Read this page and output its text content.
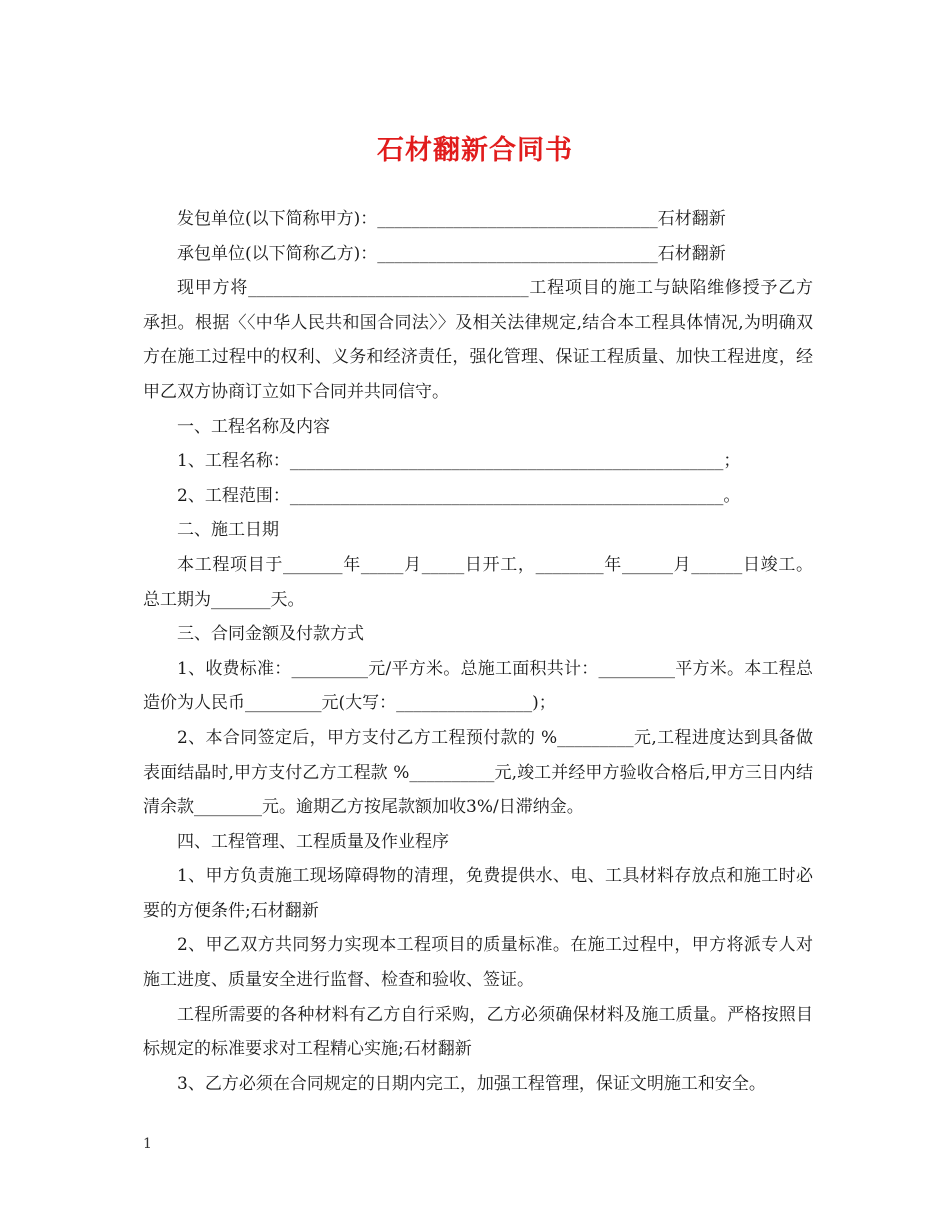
石材翻新合同书

发包单位(以下简称甲方)：_________________________________石材翻新

承包单位(以下简称乙方)：_________________________________石材翻新

现甲方将_________________________________工程项目的施工与缺陷维修授予乙方承担。根据〈〈中华人民共和国合同法〉〉及相关法律规定,结合本工程具体情况,为明确双方在施工过程中的权利、义务和经济责任，强化管理、保证工程质量、加快工程进度，经甲乙双方协商订立如下合同并共同信守。

一、工程名称及内容

1、工程名称：___________________________________________________；

2、工程范围：___________________________________________________。

二、施工日期

本工程项目于_______年_____月_____日开工，________年______月______日竣工。总工期为_______天。

三、合同金额及付款方式

1、收费标准：_________元/平方米。总施工面积共计：_________平方米。本工程总造价为人民币_________元(大写：________________)；

2、本合同签定后，甲方支付乙方工程预付款的 %_________元,工程进度达到具备做表面结晶时,甲方支付乙方工程款 %__________元,竣工并经甲方验收合格后,甲方三日内结清余款________元。逾期乙方按尾款额加收3%/日滞纳金。

四、工程管理、工程质量及作业程序

1、甲方负责施工现场障碍物的清理，免费提供水、电、工具材料存放点和施工时必要的方便条件;石材翻新

2、甲乙双方共同努力实现本工程项目的质量标准。在施工过程中，甲方将派专人对施工进度、质量安全进行监督、检查和验收、签证。

工程所需要的各种材料有乙方自行采购，乙方必须确保材料及施工质量。严格按照目标规定的标准要求对工程精心实施;石材翻新

3、乙方必须在合同规定的日期内完工，加强工程管理，保证文明施工和安全。

1
